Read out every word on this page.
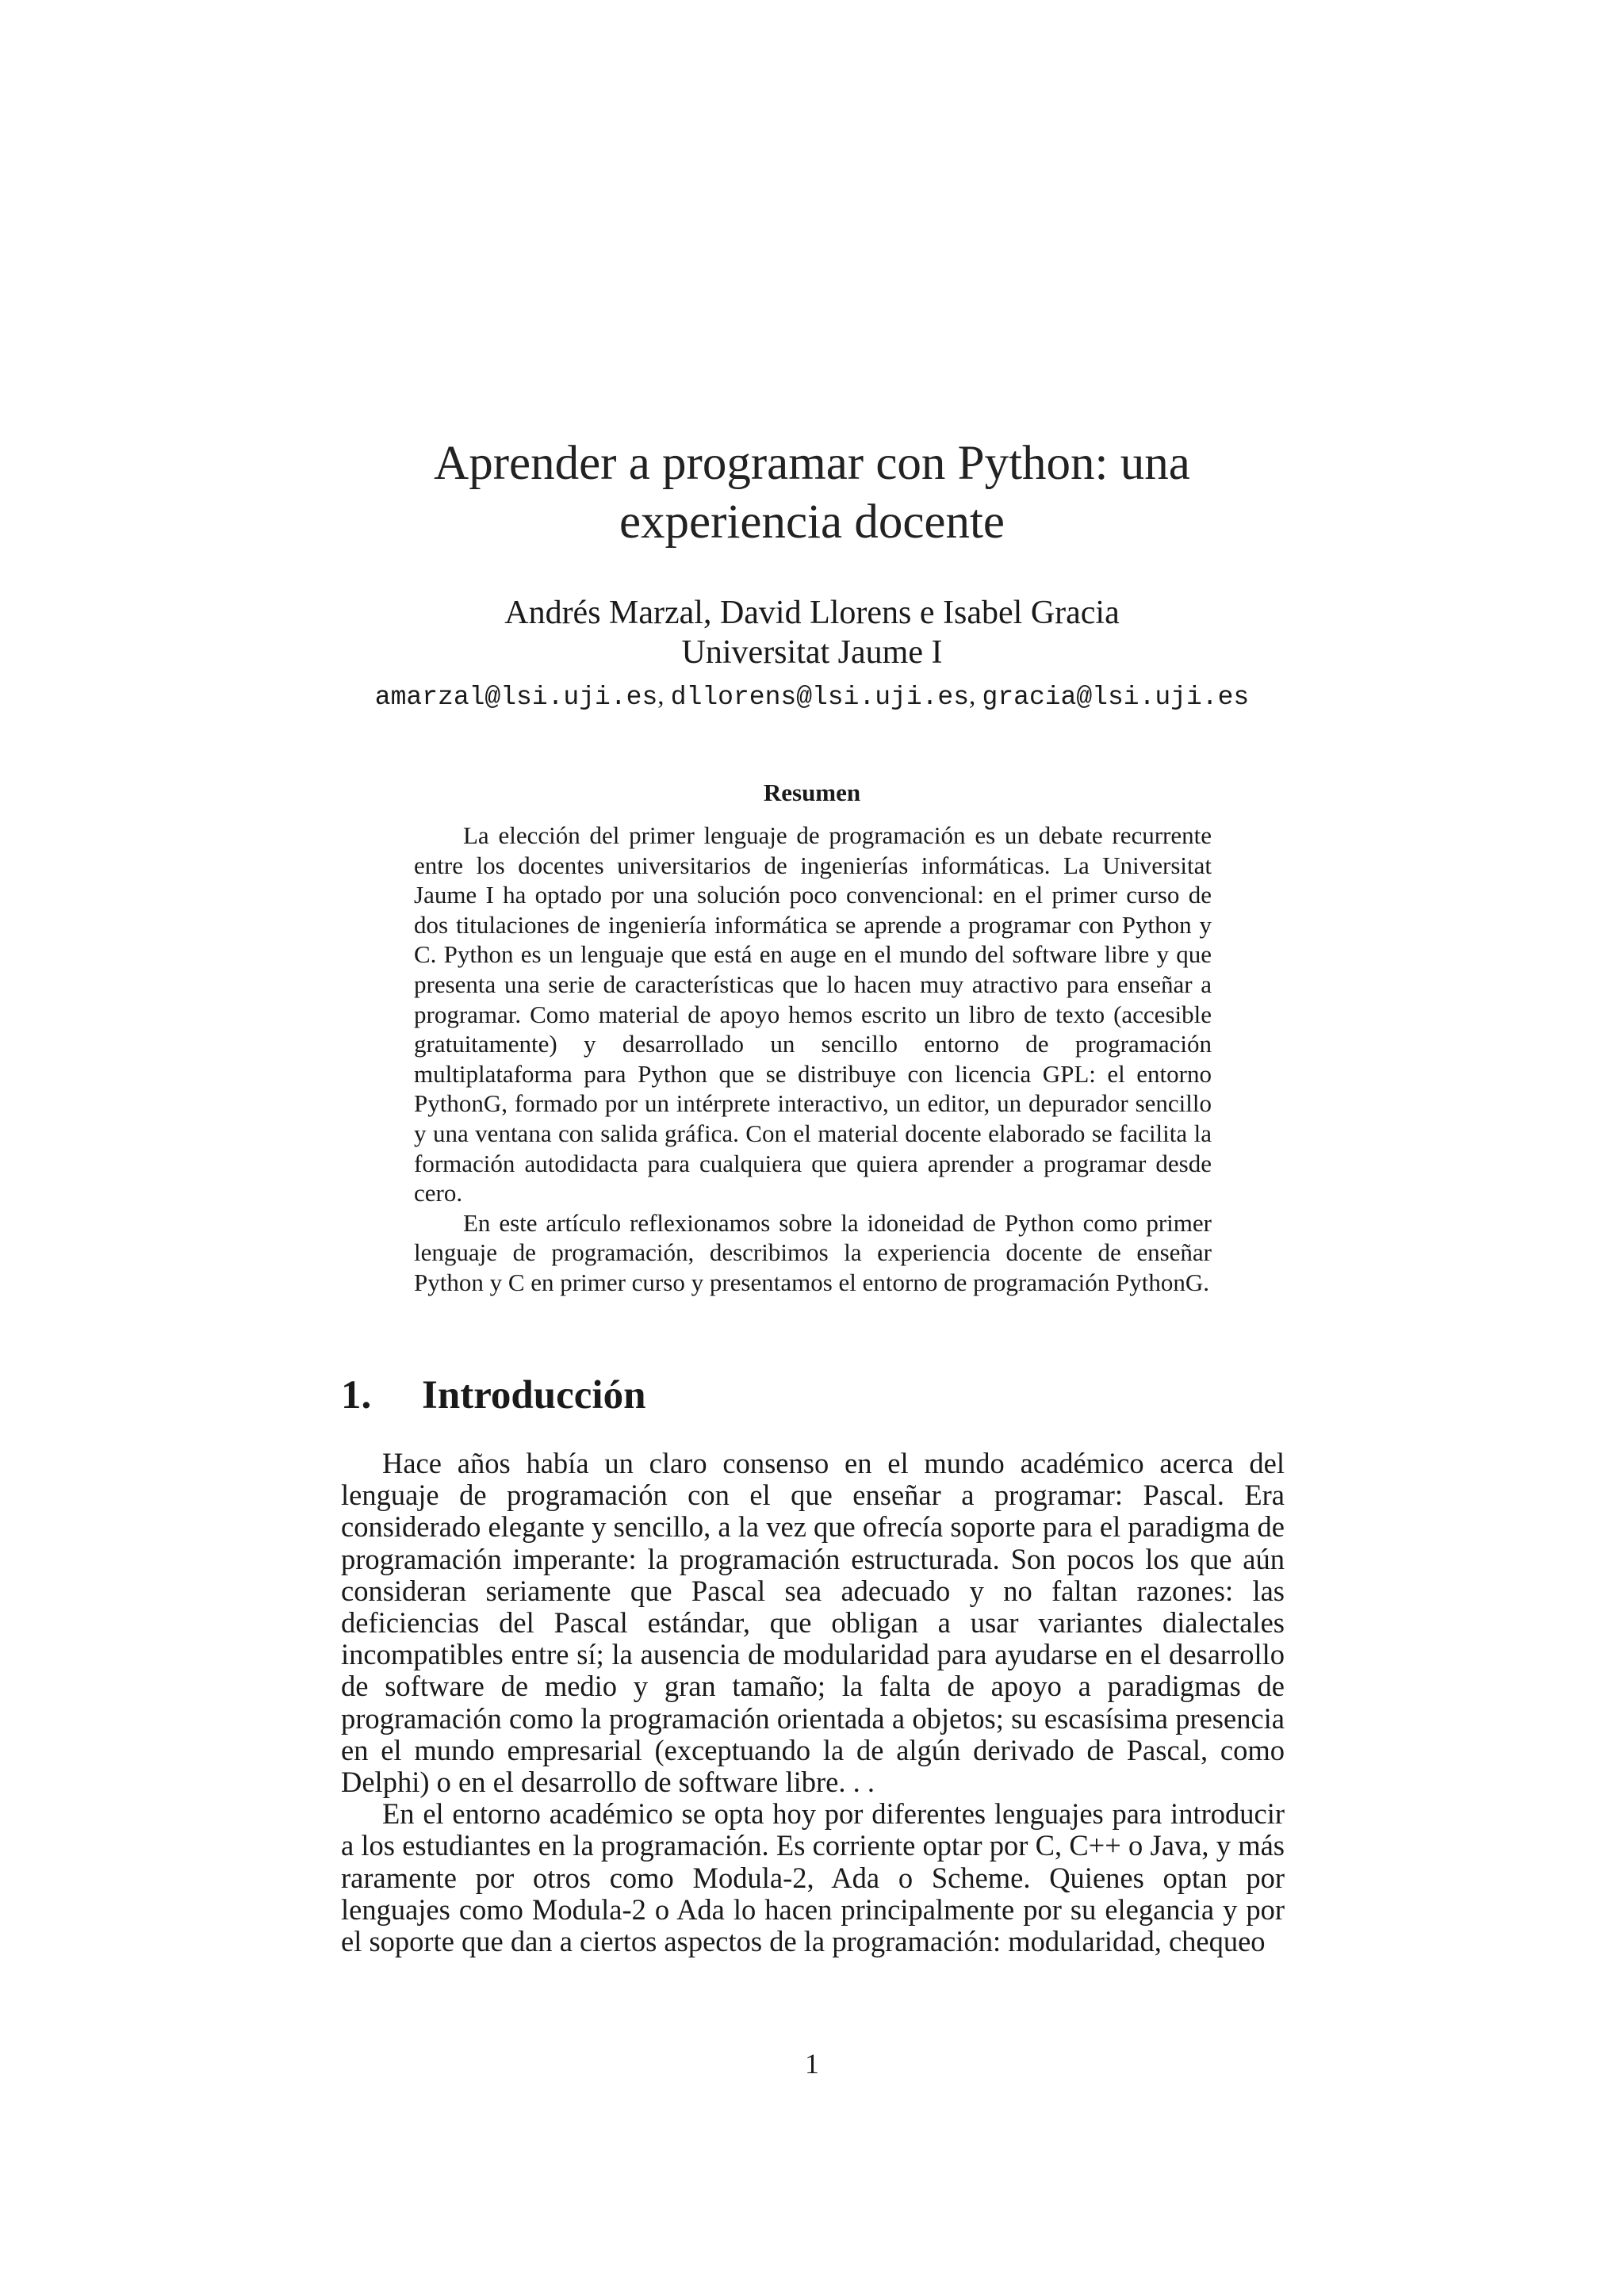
Aprender a programar con Python: una
experiencia docente
Andrés Marzal, David Llorens e Isabel Gracia
Universitat Jaume I
amarzal@lsi.uji.es, dllorens@lsi.uji.es, gracia@lsi.uji.es
Resumen

La elección del primer lenguaje de programación es un debate recurrente entre los docentes universitarios de ingenierías informáticas. La Universitat Jaume I ha optado por una solución poco convencional: en el primer curso de dos titulaciones de ingeniería informática se aprende a programar con Python y C. Python es un lenguaje que está en auge en el mundo del software libre y que presenta una serie de características que lo hacen muy atractivo para enseñar a programar. Como material de apoyo hemos escrito un libro de texto (accesible gratuitamente) y desarrollado un sencillo entorno de programación multiplataforma para Python que se distribuye con licencia GPL: el entorno PythonG, formado por un intérprete interactivo, un editor, un depurador sencillo y una ventana con salida gráfica. Con el material docente elaborado se facilita la formación autodidacta para cualquiera que quiera aprender a programar desde cero.

En este artículo reflexionamos sobre la idoneidad de Python como primer lenguaje de programación, describimos la experiencia docente de enseñar Python y C en primer curso y presentamos el entorno de programación PythonG.

1. Introducción

Hace años había un claro consenso en el mundo académico acerca del lenguaje de programación con el que enseñar a programar: Pascal. Era considerado elegante y sencillo, a la vez que ofrecía soporte para el paradigma de programación imperante: la programación estructurada. Son pocos los que aún consideran seriamente que Pascal sea adecuado y no faltan razones: las deficiencias del Pascal estándar, que obligan a usar variantes dialectales incompatibles entre sí; la ausencia de modularidad para ayudarse en el desarrollo de software de medio y gran tamaño; la falta de apoyo a paradigmas de programación como la programación orientada a objetos; su escasísima presencia en el mundo empresarial (exceptuando la de algún derivado de Pascal, como Delphi) o en el desarrollo de software libre. . .

En el entorno académico se opta hoy por diferentes lenguajes para introducir a los estudiantes en la programación. Es corriente optar por C, C++ o Java, y más raramente por otros como Modula-2, Ada o Scheme. Quienes optan por lenguajes como Modula-2 o Ada lo hacen principalmente por su elegancia y por el soporte que dan a ciertos aspectos de la programación: modularidad, chequeo

1
